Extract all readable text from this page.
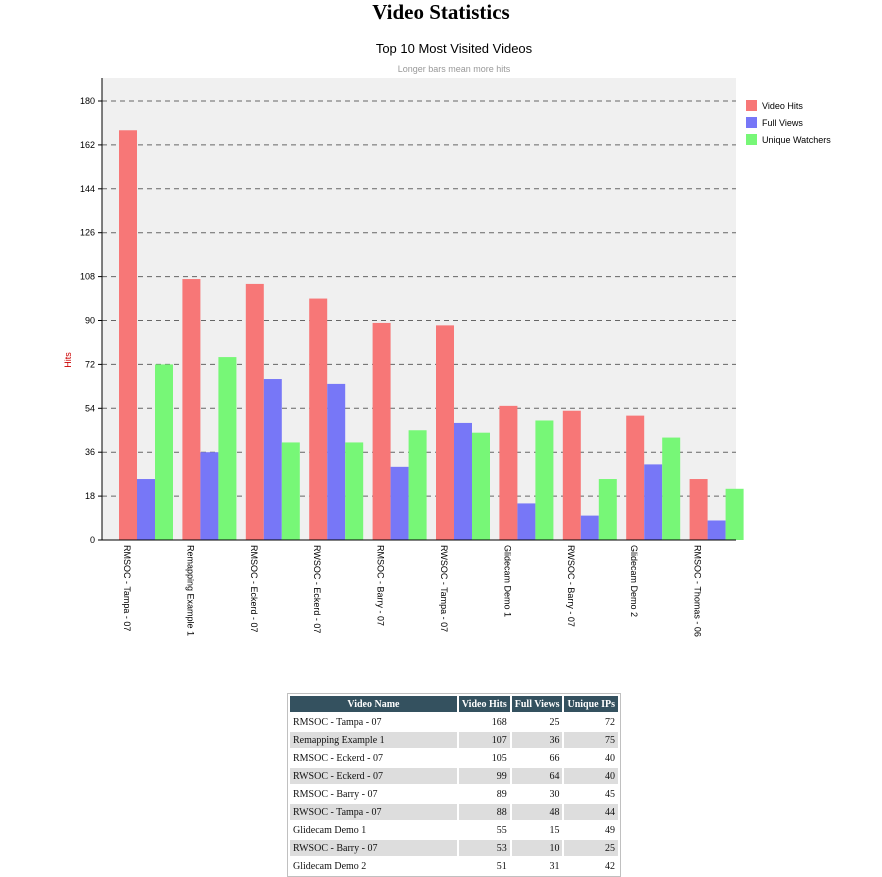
Video Statistics
Top 10 Most Visited Videos
Longer bars mean more hits
0
18
36
54
72
90
108
126
144
162
180
RMSOC - Tampa - 07	Remapping Example 1	RMSOC - Eckerd - 07	RWSOC - Eckerd - 07	RMSOC - Barry - 07	RWSOC - Tampa - 07	Glidecam Demo 1	RWSOC - Barry - 07	Glidecam Demo 2	RMSOC - Thomas - 06
Hits
Video Hits
Full Views
Unique Watchers
Video Name	Video Hits	Full Views	Unique IPs
RMSOC - Tampa - 07	168	25	72
Remapping Example 1	107	36	75
RMSOC - Eckerd - 07	105	66	40
RWSOC - Eckerd - 07	99	64	40
RMSOC - Barry - 07	89	30	45
RWSOC - Tampa - 07	88	48	44
Glidecam Demo 1	55	15	49
RWSOC - Barry - 07	53	10	25
Glidecam Demo 2	51	31	42
